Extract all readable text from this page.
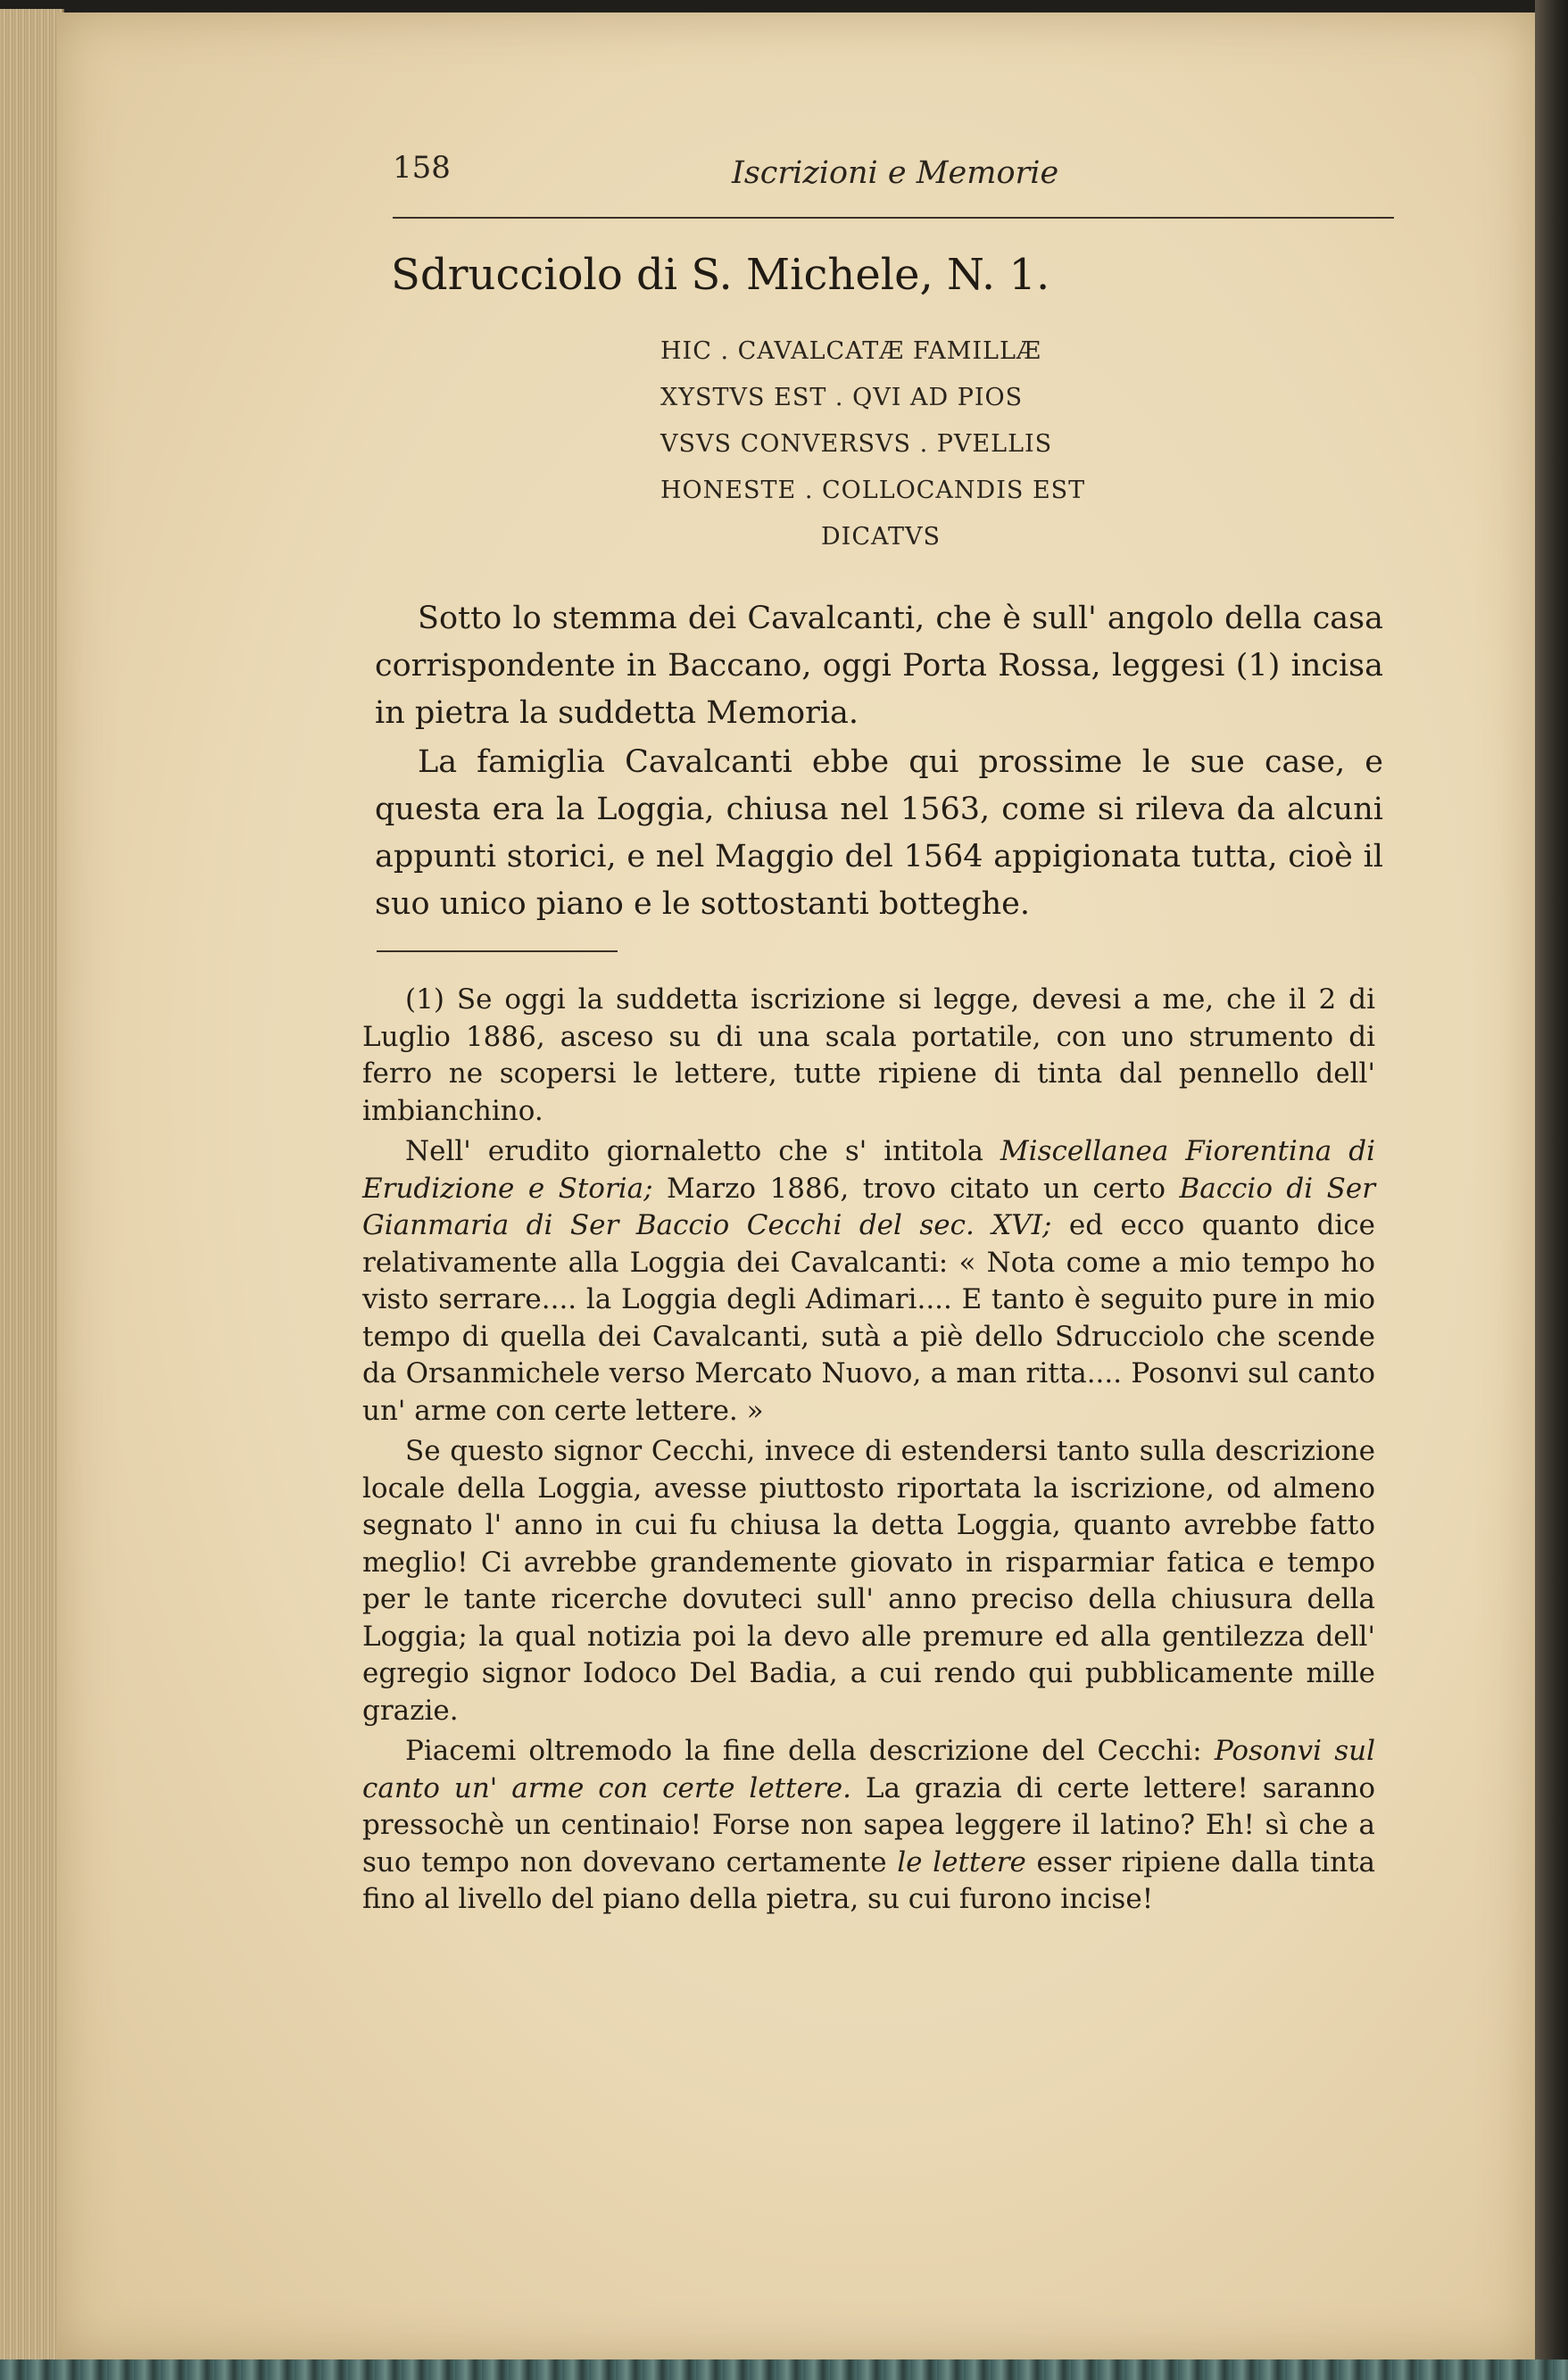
158	Iscrizioni e Memorie
Sdrucciolo di S. Michele, N. 1.
HIC . CAVALCATÆ FAMILLÆ
XYSTVS EST . QVI AD PIOS
VSVS CONVERSVS . PVELLIS
HONESTE . COLLOCANDIS EST
DICATVS

Sotto lo stemma dei Cavalcanti, che è sull' angolo della casa corrispondente in Baccano, oggi Porta Rossa, leggesi (1) incisa in pietra la suddetta Memoria.

La famiglia Cavalcanti ebbe qui prossime le sue case, e questa era la Loggia, chiusa nel 1563, come si rileva da alcuni appunti storici, e nel Maggio del 1564 appigionata tutta, cioè il suo unico piano e le sottostanti botteghe.

(1) Se oggi la suddetta iscrizione si legge, devesi a me, che il 2 di Luglio 1886, asceso su di una scala portatile, con uno strumento di ferro ne scopersi le lettere, tutte ripiene di tinta dal pennello dell' imbianchino.

Nell' erudito giornaletto che s' intitola Miscellanea Fiorentina di Erudizione e Storia; Marzo 1886, trovo citato un certo Baccio di Ser Gianmaria di Ser Baccio Cecchi del sec. XVI; ed ecco quanto dice relativamente alla Loggia dei Cavalcanti: « Nota come a mio tempo ho visto serrare.... la Loggia degli Adimari.... E tanto è seguito pure in mio tempo di quella dei Cavalcanti, sutà a piè dello Sdrucciolo che scende da Orsanmichele verso Mercato Nuovo, a man ritta.... Posonvi sul canto un' arme con certe lettere. »

Se questo signor Cecchi, invece di estendersi tanto sulla descrizione locale della Loggia, avesse piuttosto riportata la iscrizione, od almeno segnato l' anno in cui fu chiusa la detta Loggia, quanto avrebbe fatto meglio! Ci avrebbe grandemente giovato in risparmiar fatica e tempo per le tante ricerche dovuteci sull' anno preciso della chiusura della Loggia; la qual notizia poi la devo alle premure ed alla gentilezza dell' egregio signor Iodoco Del Badia, a cui rendo qui pubblicamente mille grazie.

Piacemi oltremodo la fine della descrizione del Cecchi: Posonvi sul canto un' arme con certe lettere. La grazia di certe lettere! saranno pressochè un centinaio! Forse non sapea leggere il latino? Eh! sì che a suo tempo non dovevano certamente le lettere esser ripiene dalla tinta fino al livello del piano della pietra, su cui furono incise!
